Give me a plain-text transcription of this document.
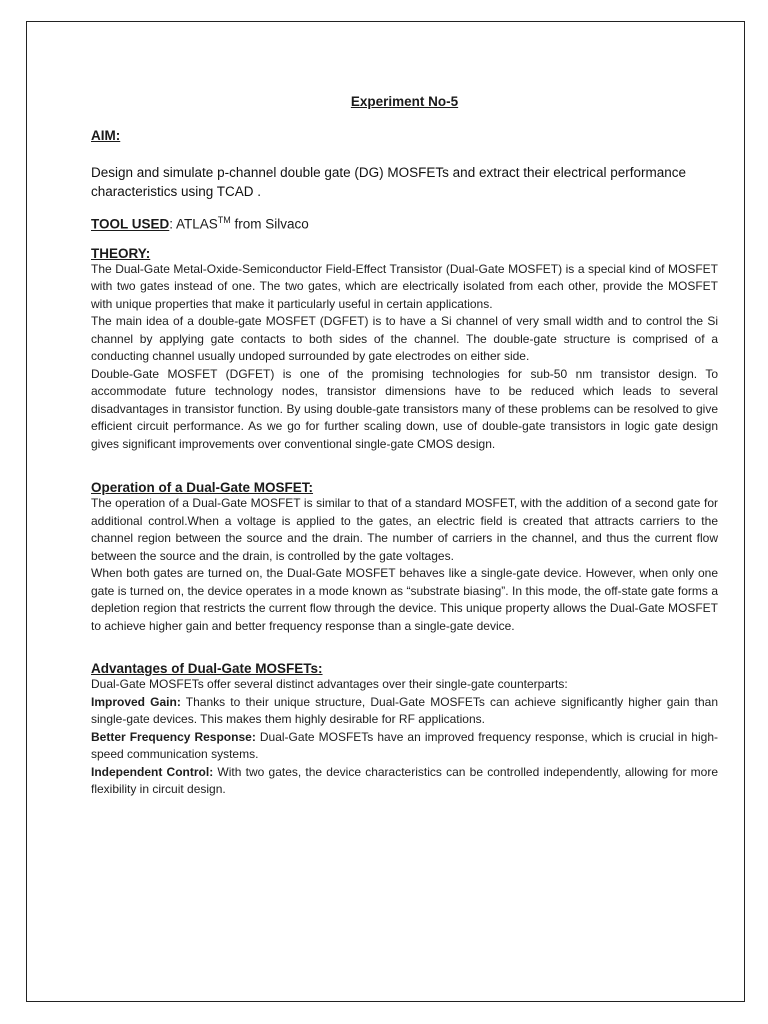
Experiment No-5

AIM:

Design and simulate p-channel double gate (DG) MOSFETs and extract their electrical performance characteristics using TCAD .

TOOL USED: ATLAS™ from Silvaco

THEORY:

The Dual-Gate Metal-Oxide-Semiconductor Field-Effect Transistor (Dual-Gate MOSFET) is a special kind of MOSFET with two gates instead of one. The two gates, which are electrically isolated from each other, provide the MOSFET with unique properties that make it particularly useful in certain applications.

The main idea of a double-gate MOSFET (DGFET) is to have a Si channel of very small width and to control the Si channel by applying gate contacts to both sides of the channel. The double-gate structure is comprised of a conducting channel usually undoped surrounded by gate electrodes on either side.

Double-Gate MOSFET (DGFET) is one of the promising technologies for sub-50 nm transistor design. To accommodate future technology nodes, transistor dimensions have to be reduced which leads to several disadvantages in transistor function. By using double-gate transistors many of these problems can be resolved to give efficient circuit performance. As we go for further scaling down, use of double-gate transistors in logic gate design gives significant improvements over conventional single-gate CMOS design.

Operation of a Dual-Gate MOSFET:

The operation of a Dual-Gate MOSFET is similar to that of a standard MOSFET, with the addition of a second gate for additional control.When a voltage is applied to the gates, an electric field is created that attracts carriers to the channel region between the source and the drain. The number of carriers in the channel, and thus the current flow between the source and the drain, is controlled by the gate voltages.

When both gates are turned on, the Dual-Gate MOSFET behaves like a single-gate device. However, when only one gate is turned on, the device operates in a mode known as “substrate biasing”. In this mode, the off-state gate forms a depletion region that restricts the current flow through the device. This unique property allows the Dual-Gate MOSFET to achieve higher gain and better frequency response than a single-gate device.

Advantages of Dual-Gate MOSFETs:

Dual-Gate MOSFETs offer several distinct advantages over their single-gate counterparts:

Improved Gain: Thanks to their unique structure, Dual-Gate MOSFETs can achieve significantly higher gain than single-gate devices. This makes them highly desirable for RF applications.

Better Frequency Response: Dual-Gate MOSFETs have an improved frequency response, which is crucial in high-speed communication systems.

Independent Control: With two gates, the device characteristics can be controlled independently, allowing for more flexibility in circuit design.
